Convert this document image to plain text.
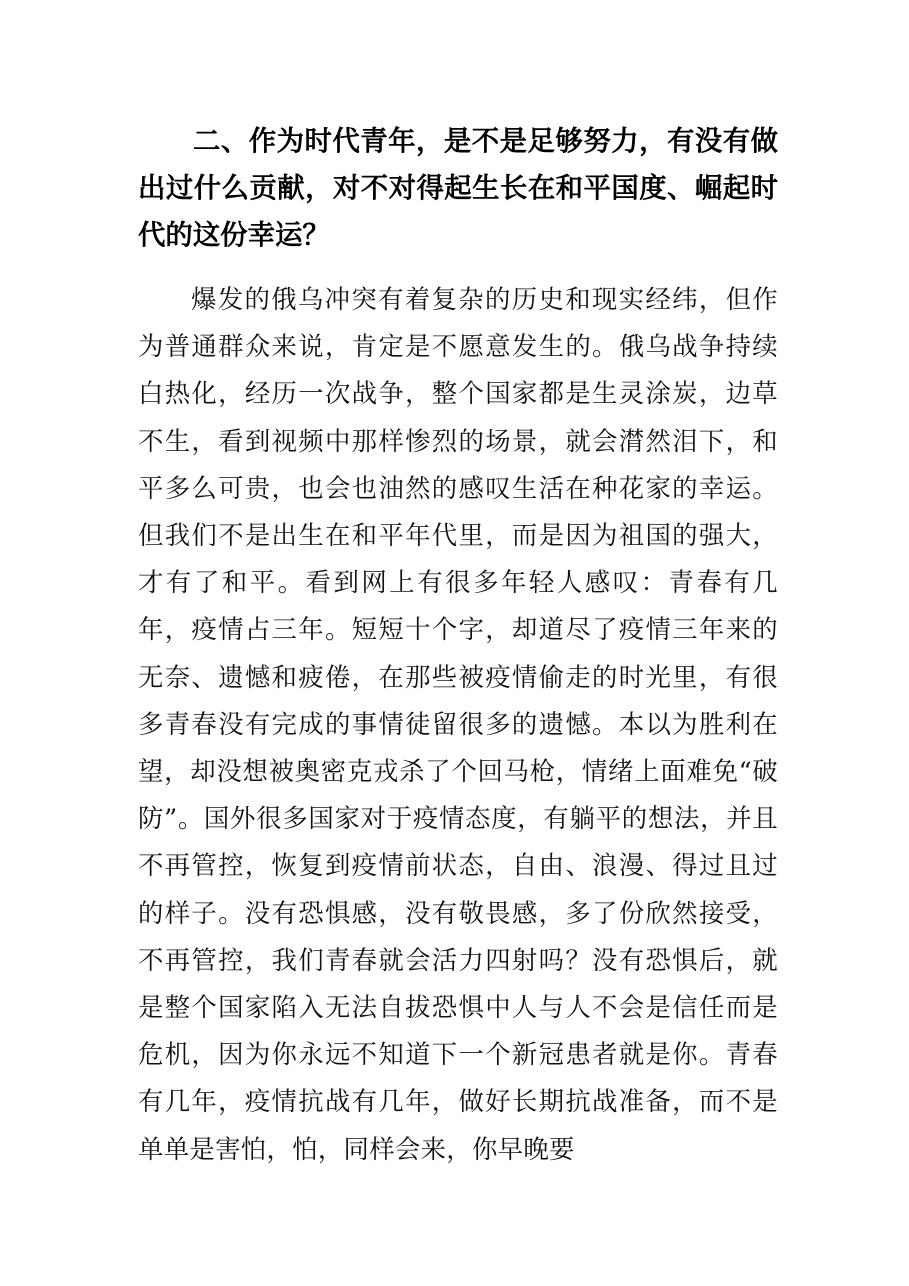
二、作为时代青年，是不是足够努力，有没有做出过什么贡献，对不对得起生长在和平国度、崛起时代的这份幸运？

爆发的俄乌冲突有着复杂的历史和现实经纬，但作为普通群众来说，肯定是不愿意发生的。俄乌战争持续白热化，经历一次战争，整个国家都是生灵涂炭，边草不生，看到视频中那样惨烈的场景，就会潸然泪下，和平多么可贵，也会也油然的感叹生活在种花家的幸运。但我们不是出生在和平年代里，而是因为祖国的强大，才有了和平。看到网上有很多年轻人感叹：青春有几年，疫情占三年。短短十个字，却道尽了疫情三年来的无奈、遗憾和疲倦，在那些被疫情偷走的时光里，有很多青春没有完成的事情徒留很多的遗憾。本以为胜利在望，却没想被奥密克戎杀了个回马枪，情绪上面难免“破防”。国外很多国家对于疫情态度，有躺平的想法，并且不再管控，恢复到疫情前状态，自由、浪漫、得过且过的样子。没有恐惧感，没有敬畏感，多了份欣然接受，不再管控，我们青春就会活力四射吗？没有恐惧后，就是整个国家陷入无法自拔恐惧中人与人不会是信任而是危机，因为你永远不知道下一个新冠患者就是你。青春有几年，疫情抗战有几年，做好长期抗战准备，而不是单单是害怕，怕，同样会来，你早晚要
